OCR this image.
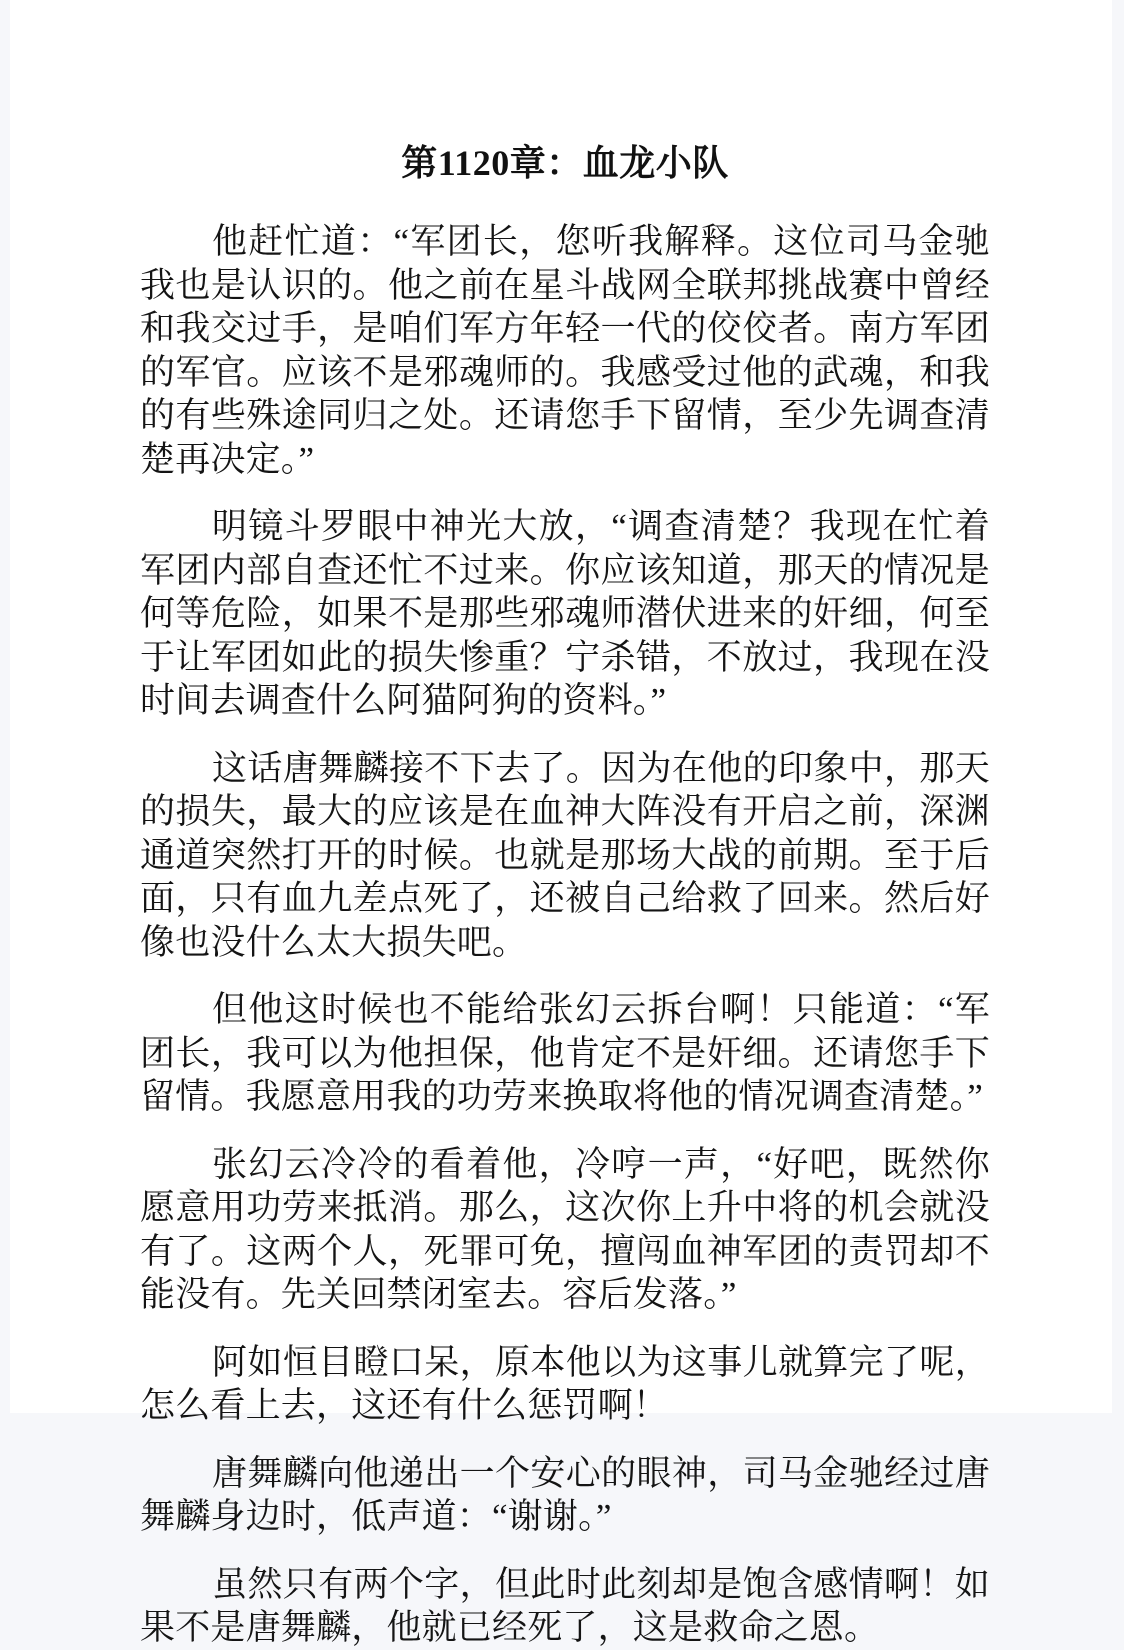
第1120章：血龙小队

他赶忙道：“军团长，您听我解释。这位司马金驰我也是认识的。他之前在星斗战网全联邦挑战赛中曾经和我交过手，是咱们军方年轻一代的佼佼者。南方军团的军官。应该不是邪魂师的。我感受过他的武魂，和我的有些殊途同归之处。还请您手下留情，至少先调查清楚再决定。”

明镜斗罗眼中神光大放，“调查清楚？我现在忙着军团内部自查还忙不过来。你应该知道，那天的情况是何等危险，如果不是那些邪魂师潜伏进来的奸细，何至于让军团如此的损失惨重？宁杀错，不放过，我现在没时间去调查什么阿猫阿狗的资料。”

这话唐舞麟接不下去了。因为在他的印象中，那天的损失，最大的应该是在血神大阵没有开启之前，深渊通道突然打开的时候。也就是那场大战的前期。至于后面，只有血九差点死了，还被自己给救了回来。然后好像也没什么太大损失吧。

但他这时候也不能给张幻云拆台啊！只能道：“军团长，我可以为他担保，他肯定不是奸细。还请您手下留情。我愿意用我的功劳来换取将他的情况调查清楚。”

张幻云冷冷的看着他，冷哼一声，“好吧，既然你愿意用功劳来抵消。那么，这次你上升中将的机会就没有了。这两个人，死罪可免，擅闯血神军团的责罚却不能没有。先关回禁闭室去。容后发落。”

阿如恒目瞪口呆，原本他以为这事儿就算完了呢，怎么看上去，这还有什么惩罚啊！

唐舞麟向他递出一个安心的眼神，司马金驰经过唐舞麟身边时，低声道：“谢谢。”

虽然只有两个字，但此时此刻却是饱含感情啊！如果不是唐舞麟，他就已经死了，这是救命之恩。
